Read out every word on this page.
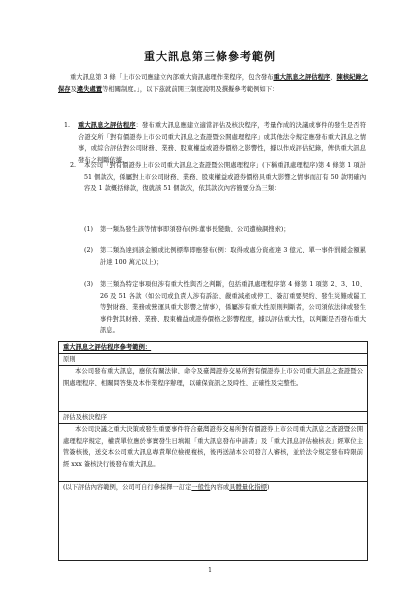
重大訊息第三條參考範例
重大訊息第 3 條「上市公司應建立內部重大資訊處理作業程序，包含發布重大訊息之評估程序、陳核紀錄之保存及違失處置等相關制度。」，以下茲就前開三制度說明及撰擬參考範例如下：
1. 重大訊息之評估程序：發布重大訊息應建立適當評估及核決程序，考量作成的決議或事件的發生是否符合證交所「對有價證券上市公司重大訊息之查證暨公開處理程序」或其他法令規定應發布重大訊息之情事，或綜合評估對公司財務、業務、股東權益或證券價格之影響性，據以作成評估紀錄，俾供重大訊息發布之判斷依據。
2. 本公司「對有價證券上市公司重大訊息之查證暨公開處理程序」(下稱重訊處理程序)第 4 條第 1 項計 51 個款次，係屬對上市公司財務、業務、股東權益或證券價格具重大影響之情事而訂有 50 款明確內容及 1 款概括條款，復就該 51 個款次，依其款次內容簡要分為三類：
(1) 第一類為發生該等情事即須發布(例:董事長變動、公司遭檢調搜索)；
(2) 第二類為達到該金額或比例標準即應發布(例：取得或處分資產達 3 億元、單一事件罰鍰金額累計達 100 萬元以上)；
(3) 第三類為特定事項但涉有重大性與否之判斷，包括重訊處理程序第 4 條第 1 項第 2、3、10、26 及 51 各款（如公司或負責人涉有訴訟、嚴重減產或停工、簽訂重要契約、發生災難或罷工等對財務、業務或營運具重大影響之情事），係屬涉有重大性原則判斷者，公司須依法律或發生事件對其財務、業務、股東權益或證券價格之影響程度，據以評估重大性，以判斷是否發布重大訊息。
重大訊息之評估程序參考範例：
原則
本公司發布重大訊息，應依有關法律、命令及臺灣證券交易所對有價證券上市公司重大訊息之查證暨公開處理程序、相關問答集及本作業程序辦理，以確保資訊之及時性、正確性及完整性。
評估及核決程序
本公司決議之重大決策或發生重要事件符合臺灣證券交易所對有價證券上市公司重大訊息之查證暨公開處理程序規定，權責單位應於事實發生日填報「重大訊息發布申請書」及「重大訊息評估檢核表」經單位主管簽核後，送交本公司重大訊息專責單位檢視複核，後再送請本公司發言人審核，並於法令規定發布時限前經 xxx 簽核決行後發布重大訊息。
(以下評估內容範例，公司可自行參採擇一訂定一般性內容或具體量化指標)
1
